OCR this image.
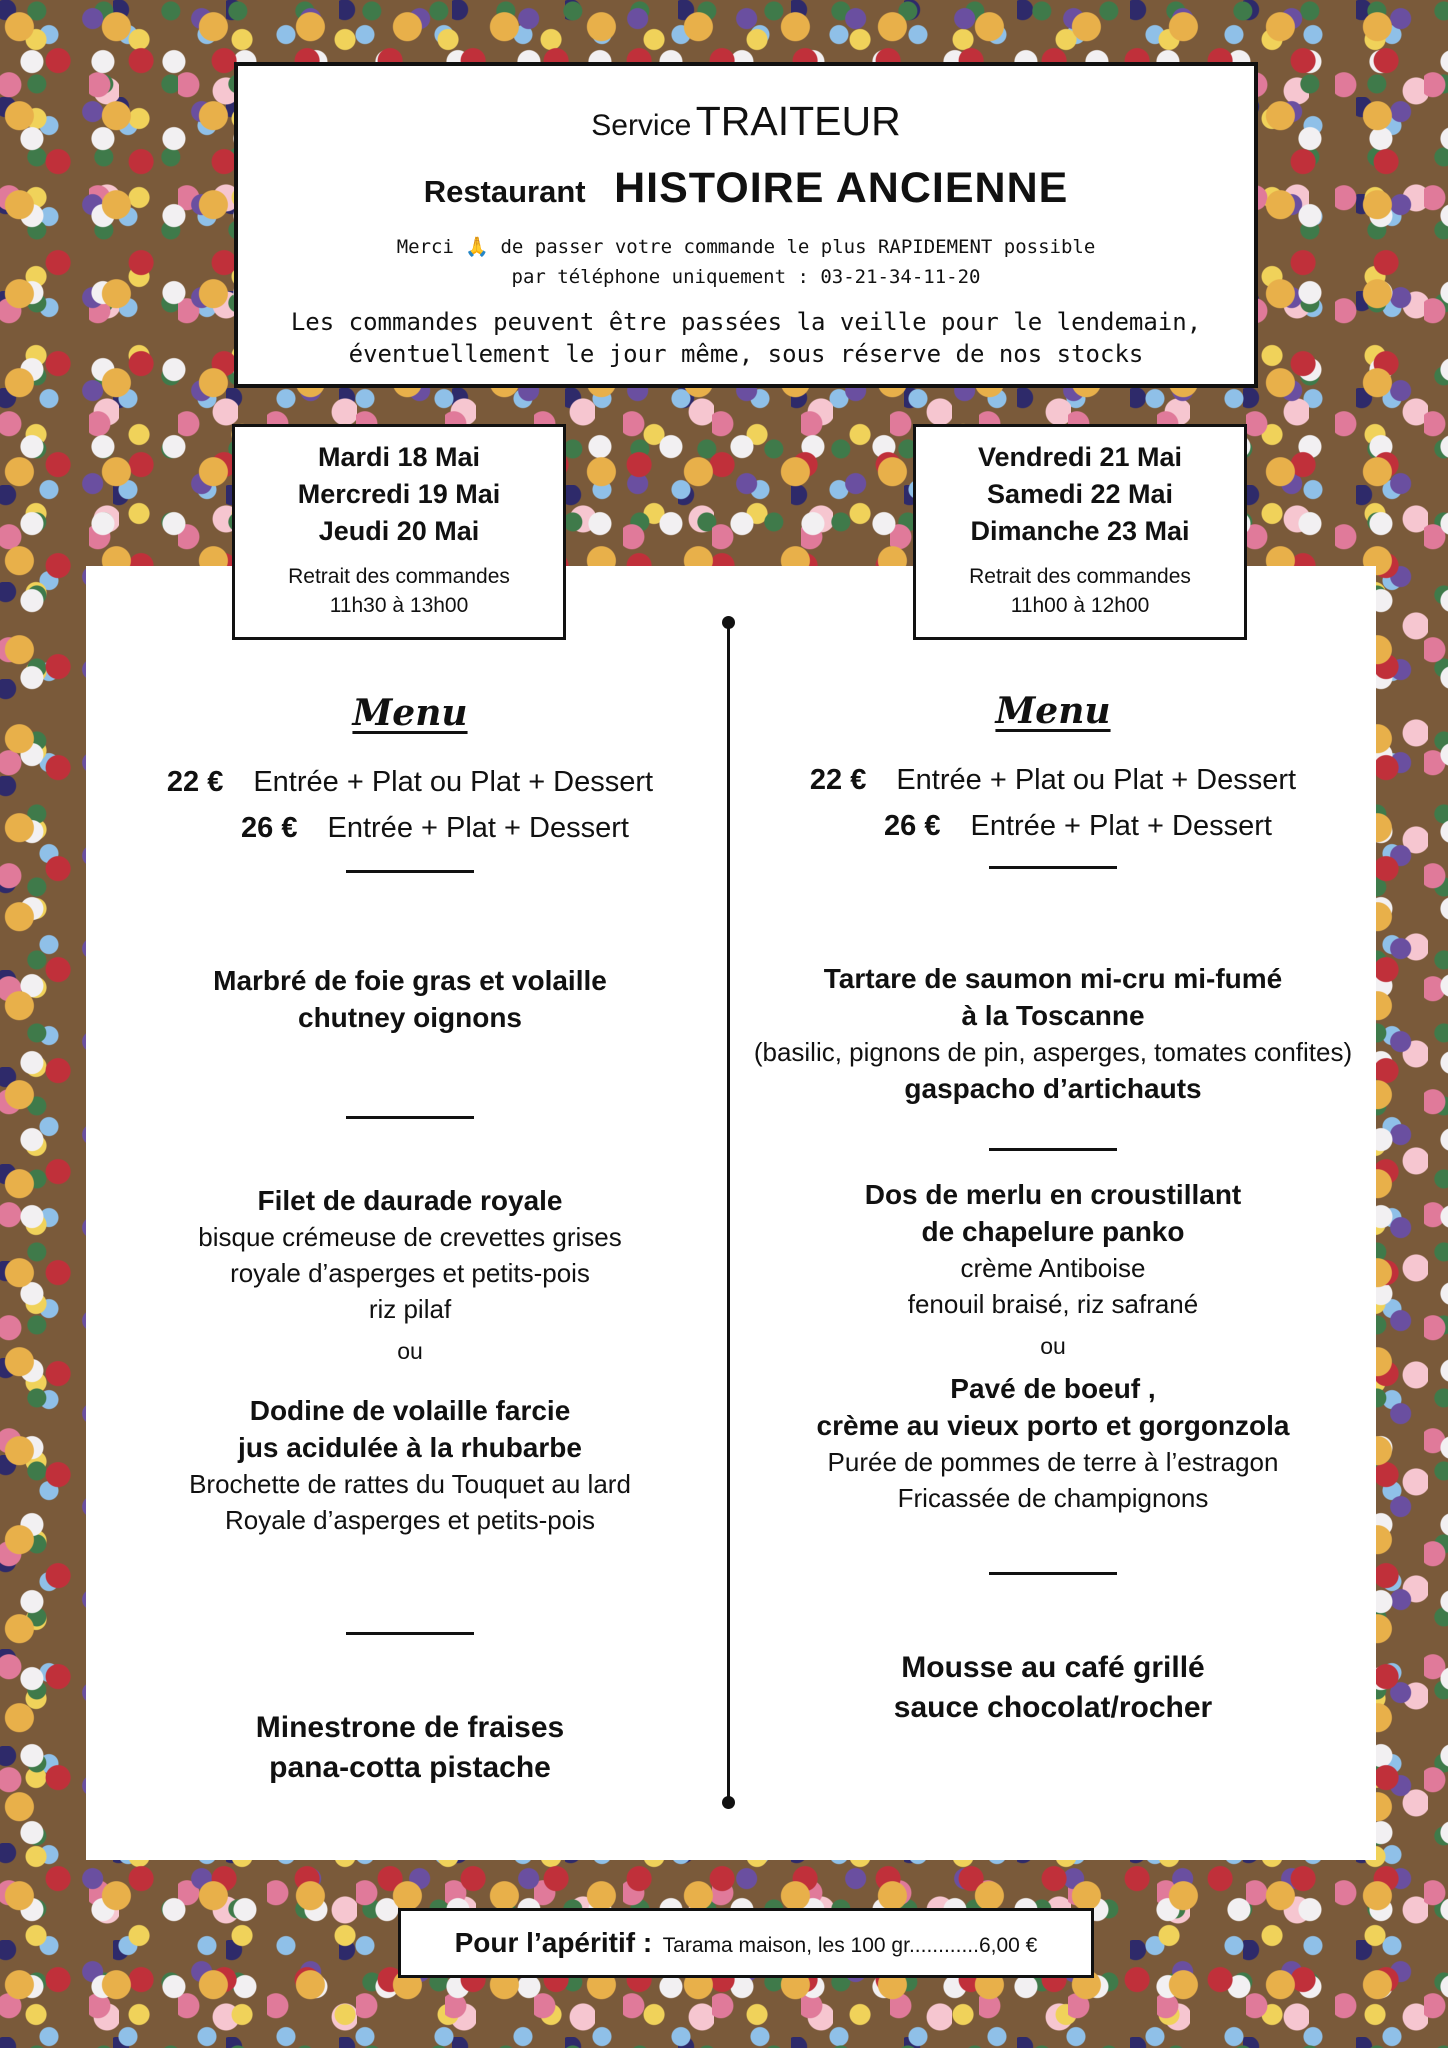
Service TRAITEUR
Restaurant HISTOIRE ANCIENNE
Merci 🙏 de passer votre commande le plus RAPIDEMENT possible
par téléphone uniquement : 03-21-34-11-20
Les commandes peuvent être passées la veille pour le lendemain,
éventuellement le jour même, sous réserve de nos stocks
Mardi 18 Mai
Mercredi 19 Mai
Jeudi 20 Mai
Retrait des commandes
11h30 à 13h00
Vendredi 21 Mai
Samedi 22 Mai
Dimanche 23 Mai
Retrait des commandes
11h00 à 12h00
Menu
22 € Entrée + Plat ou Plat + Dessert
26 € Entrée + Plat + Dessert
Marbré de foie gras et volaille
chutney oignons
Filet de daurade royale
bisque crémeuse de crevettes grises
royale d’asperges et petits-pois
riz pilaf
ou
Dodine de volaille farcie
jus acidulée à la rhubarbe
Brochette de rattes du Touquet au lard
Royale d’asperges et petits-pois
Minestrone de fraises
pana-cotta pistache
Menu
22 € Entrée + Plat ou Plat + Dessert
26 € Entrée + Plat + Dessert
Tartare de saumon mi-cru mi-fumé
à la Toscanne
(basilic, pignons de pin, asperges, tomates confites)
gaspacho d’artichauts
Dos de merlu en croustillant
de chapelure panko
crème Antiboise
fenouil braisé, riz safrané
ou
Pavé de boeuf ,
crème au vieux porto et gorgonzola
Purée de pommes de terre à l’estragon
Fricassée de champignons
Mousse au café grillé
sauce chocolat/rocher
Pour l’apéritif : Tarama maison, les 100 gr............6,00 €
